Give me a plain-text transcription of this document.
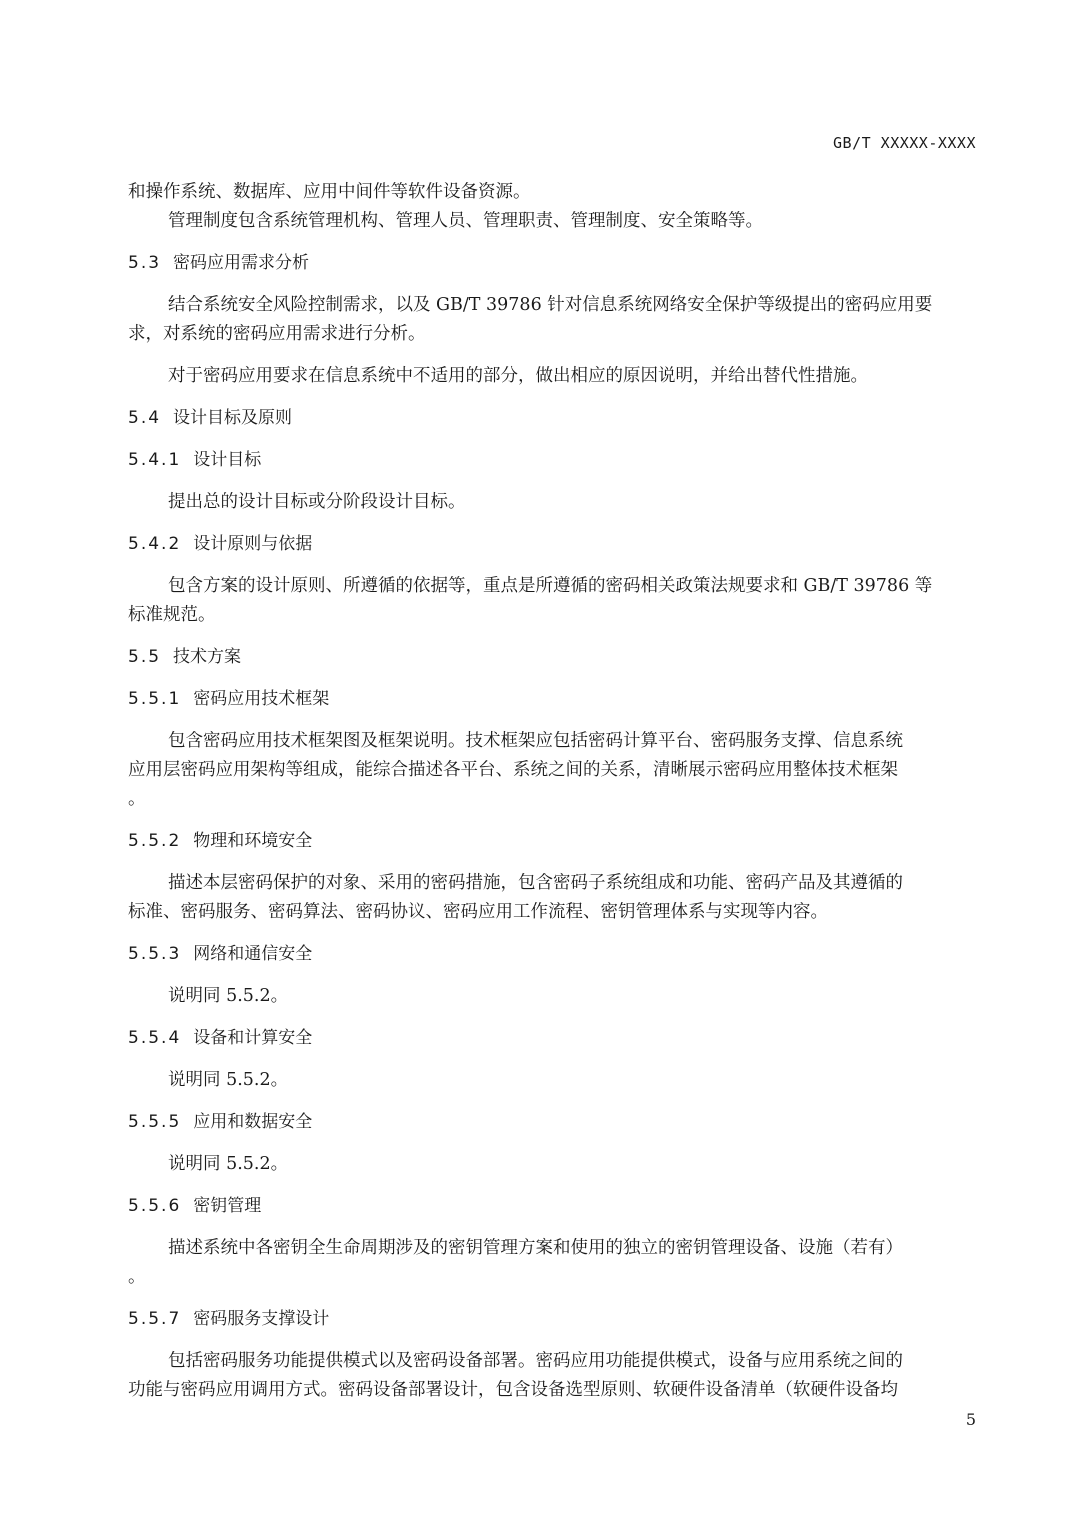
GB/T XXXXX-XXXX
和操作系统、数据库、应用中间件等软件设备资源。
管理制度包含系统管理机构、管理人员、管理职责、管理制度、安全策略等。
5.3 密码应用需求分析
结合系统安全风险控制需求，以及 GB/T 39786 针对信息系统网络安全保护等级提出的密码应用要
求，对系统的密码应用需求进行分析。
对于密码应用要求在信息系统中不适用的部分，做出相应的原因说明，并给出替代性措施。
5.4 设计目标及原则
5.4.1 设计目标
提出总的设计目标或分阶段设计目标。
5.4.2 设计原则与依据
包含方案的设计原则、所遵循的依据等，重点是所遵循的密码相关政策法规要求和 GB/T 39786 等
标准规范。
5.5 技术方案
5.5.1 密码应用技术框架
包含密码应用技术框架图及框架说明。技术框架应包括密码计算平台、密码服务支撑、信息系统
应用层密码应用架构等组成，能综合描述各平台、系统之间的关系，清晰展示密码应用整体技术框架
。
5.5.2 物理和环境安全
描述本层密码保护的对象、采用的密码措施，包含密码子系统组成和功能、密码产品及其遵循的
标准、密码服务、密码算法、密码协议、密码应用工作流程、密钥管理体系与实现等内容。
5.5.3 网络和通信安全
说明同 5.5.2。
5.5.4 设备和计算安全
说明同 5.5.2。
5.5.5 应用和数据安全
说明同 5.5.2。
5.5.6 密钥管理
描述系统中各密钥全生命周期涉及的密钥管理方案和使用的独立的密钥管理设备、设施（若有）
。
5.5.7 密码服务支撑设计
包括密码服务功能提供模式以及密码设备部署。密码应用功能提供模式，设备与应用系统之间的
功能与密码应用调用方式。密码设备部署设计，包含设备选型原则、软硬件设备清单（软硬件设备均
5
